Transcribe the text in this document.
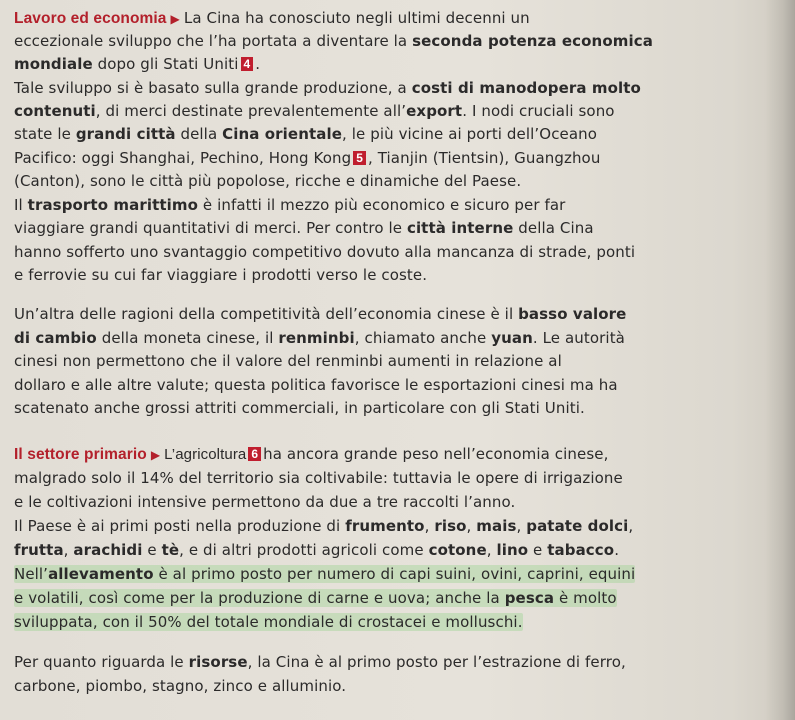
Lavoro ed economia ▶ La Cina ha conosciuto negli ultimi decenni un
eccezionale sviluppo che l’ha portata a diventare la seconda potenza economica
mondiale dopo gli Stati Uniti 4 .
Tale sviluppo si è basato sulla grande produzione, a costi di manodopera molto
contenuti, di merci destinate prevalentemente all’export. I nodi cruciali sono
state le grandi città della Cina orientale, le più vicine ai porti dell’Oceano
Pacifico: oggi Shanghai, Pechino, Hong Kong 5 , Tianjin (Tientsin), Guangzhou
(Canton), sono le città più popolose, ricche e dinamiche del Paese.
Il trasporto marittimo è infatti il mezzo più economico e sicuro per far
viaggiare grandi quantitativi di merci. Per contro le città interne della Cina
hanno sofferto uno svantaggio competitivo dovuto alla mancanza di strade, ponti
e ferrovie su cui far viaggiare i prodotti verso le coste.
Un’altra delle ragioni della competitività dell’economia cinese è il basso valore
di cambio della moneta cinese, il renminbi, chiamato anche yuan. Le autorità
cinesi non permettono che il valore del renminbi aumenti in relazione al
dollaro e alle altre valute; questa politica favorisce le esportazioni cinesi ma ha
scatenato anche grossi attriti commerciali, in particolare con gli Stati Uniti.
Il settore primario ▶ L’agricoltura 6 ha ancora grande peso nell’economia cinese,
malgrado solo il 14% del territorio sia coltivabile: tuttavia le opere di irrigazione
e le coltivazioni intensive permettono da due a tre raccolti l’anno.
Il Paese è ai primi posti nella produzione di frumento, riso, mais, patate dolci,
frutta, arachidi e tè, e di altri prodotti agricoli come cotone, lino e tabacco.
Nell’allevamento è al primo posto per numero di capi suini, ovini, caprini, equini
e volatili, così come per la produzione di carne e uova; anche la pesca è molto
sviluppata, con il 50% del totale mondiale di crostacei e molluschi.
Per quanto riguarda le risorse, la Cina è al primo posto per l’estrazione di ferro,
carbone, piombo, stagno, zinco e alluminio.
